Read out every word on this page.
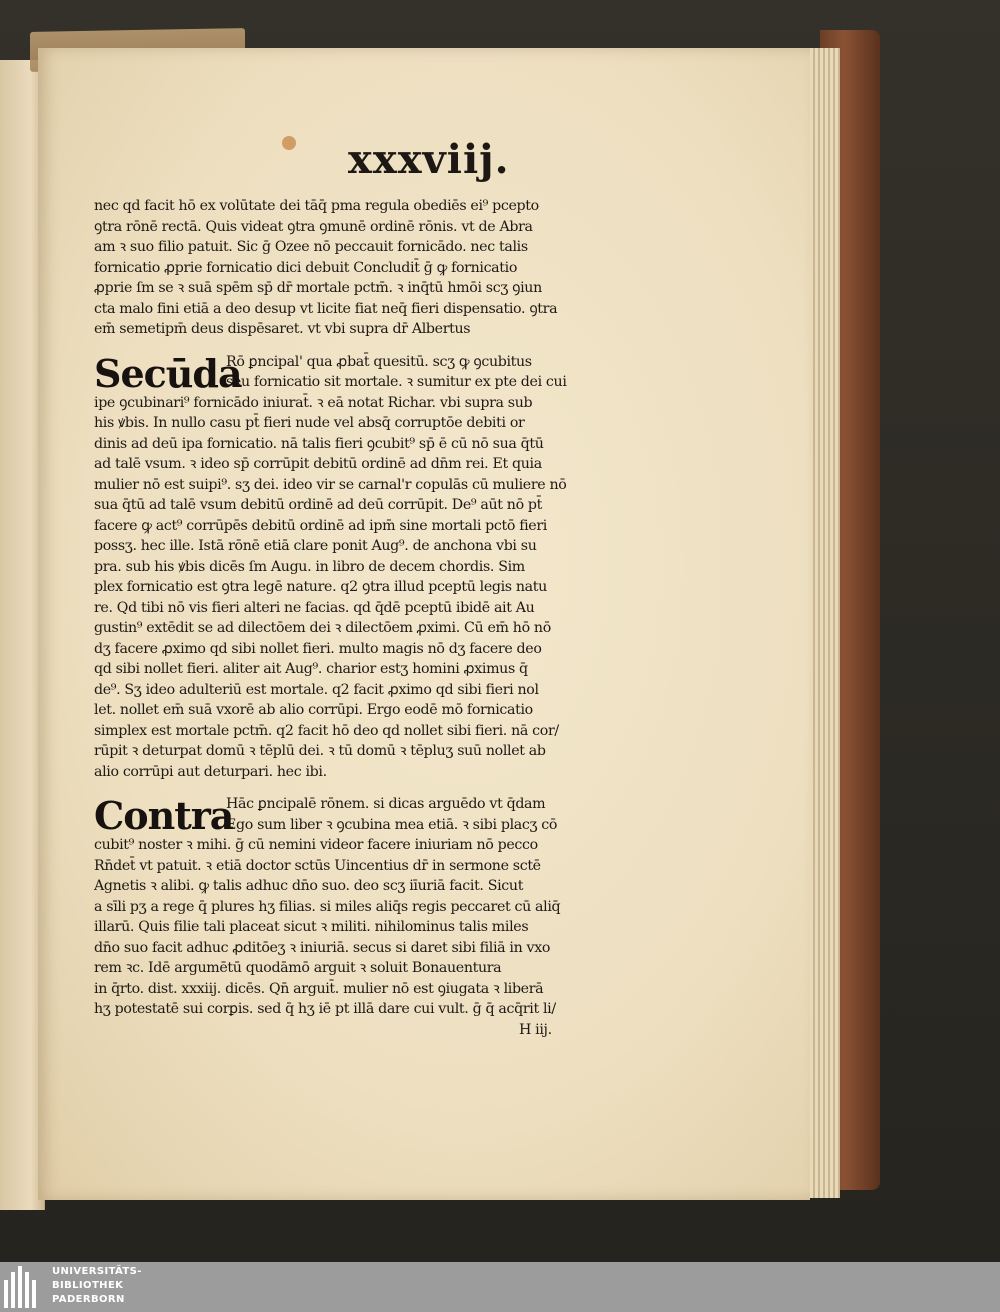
xxxviij.
nec qd facit hō ex volūtate dei tāq̄ pma regula obediēs ei⁹ pcepto
ꝯtra rōnē rectā. Quis videat ꝯtra ꝯmunē ordinē rōnis. vt de Abra
am ꝛ suo filio patuit. Sic ḡ Ozee nō peccauit fornicādo. nec talis
fornicatio ꝓprie fornicatio dici debuit Concludit̄ ḡ ꝙ fornicatio
ꝓprie ſm se ꝛ suā spēm sp̄ dr̄ mortale pctm̄. ꝛ inq̄tū hmōi scʒ ꝯiun
cta malo fini etiā a deo desup vt licite fiat neq̄ fieri dispensatio. ꝯtra
em̄ semetipm̄ deus dispēsaret. vt vbi supra dr̄ Albertus
Secūda
Rō ꝑncipal' qua ꝓbat̄ quesitū. scʒ ꝙ ꝯcubitus
seu fornicatio sit mortale. ꝛ sumitur ex pte dei cui
ipe ꝯcubinari⁹ fornicādo iniurat̄. ꝛ eā notat Richar. vbi supra sub
his ꝟbis. In nullo casu pt̄ fieri nude vel absq̄ corruptōe debiti or
dinis ad deū ipa fornicatio. nā talis fieri ꝯcubit⁹ sp̄ ē cū nō sua q̄tū
ad talē vsum. ꝛ ideo sp̄ corrūpit debitū ordinē ad dn̄m rei. Et quia
mulier nō est suipi⁹. sʒ dei. ideo vir se carnal'r copulās cū muliere nō
sua q̄tū ad talē vsum debitū ordinē ad deū corrūpit. De⁹ aūt nō pt̄
facere ꝙ act⁹ corrūpēs debitū ordinē ad ipm̄ sine mortali pctō fieri
possʒ. hec ille. Istā rōnē etiā clare ponit Aug⁹. de anchona vbi su
pra. sub his ꝟbis dicēs ſm Augu. in libro de decem chordis. Sim
plex fornicatio est ꝯtra legē nature. q2 ꝯtra illud pceptū legis natu
re. Qd tibi nō vis fieri alteri ne facias. qd q̄dē pceptū ibidē ait Au
gustin⁹ extēdit se ad dilectōem dei ꝛ dilectōem ꝓximi. Cū em̄ hō nō
dʒ facere ꝓximo qd sibi nollet fieri. multo magis nō dʒ facere deo
qd sibi nollet fieri. aliter ait Aug⁹. charior estʒ homini ꝓximus q̄
de⁹. Sʒ ideo adulteriū est mortale. q2 facit ꝓximo qd sibi fieri nol
let. nollet em̄ suā vxorē ab alio corrūpi. Ergo eodē mō fornicatio
simplex est mortale pctm̄. q2 facit hō deo qd nollet sibi fieri. nā cor/
rūpit ꝛ deturpat domū ꝛ tēplū dei. ꝛ tū domū ꝛ tēpluʒ suū nollet ab
alio corrūpi aut deturpari. hec ibi.
Contra
Hāc ꝑncipalē rōnem. si dicas arguēdo vt q̄dam
Ego sum liber ꝛ ꝯcubina mea etiā. ꝛ sibi placʒ cō
cubit⁹ noster ꝛ mihi. ḡ cū nemini videor facere iniuriam nō pecco
Rn̄det̄ vt patuit. ꝛ etiā doctor sctūs Uincentius dr̄ in sermone sctē
Agnetis ꝛ alibi. ꝙ talis adhuc dn̄o suo. deo scʒ iīuriā facit. Sicut
a sīli pʒ a rege q̄ plures hʒ filias. si miles aliq̄s regis peccaret cū aliq̄
illarū. Quis filie tali placeat sicut ꝛ militi. nihilominus talis miles
dn̄o suo facit adhuc ꝓditōeʒ ꝛ iniuriā. secus si daret sibi filiā in vxo
rem ꝛc. Idē argumētū quodāmō arguit ꝛ soluit Bonauentura
in q̄rto. dist. xxxiij. dicēs. Qn̄ arguit̄. mulier nō est ꝯiugata ꝛ liberā
hʒ potestatē sui corꝑis. sed q̄ hʒ iē pt illā dare cui vult. ḡ q̄ acq̄rit li/
H iij.
UNIVERSITÄTS-
BIBLIOTHEK
PADERBORN
